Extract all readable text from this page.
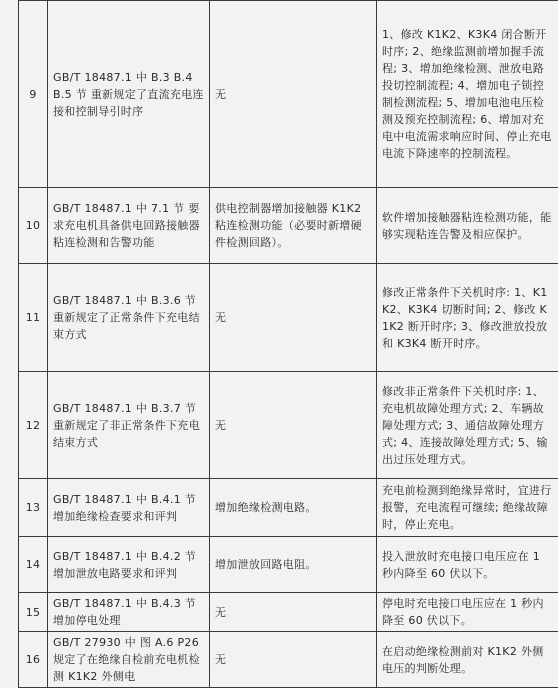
9	GB/T 18487.1 中 B.3 B.4 B.5 节 重新规定了直流充电连接和控制导引时序	无	1、修改 K1K2、K3K4 闭合断开时序; 2、绝缘监测前增加握手流程; 3、增加绝缘检测、泄放电路投切控制流程; 4、增加电子锁控制检测流程; 5、增加电池电压检测及预充控制流程; 6、增加对充电中电流需求响应时间、停止充电电流下降速率的控制流程。
10	GB/T 18487.1 中 7.1 节 要求充电机具备供电回路接触器粘连检测和告警功能	供电控制器增加接触器 K1K2 粘连检测功能（必要时新增硬件检测回路）。	软件增加接触器粘连检测功能，能够实现粘连告警及相应保护。
11	GB/T 18487.1 中 B.3.6 节 重新规定了正常条件下充电结束方式	无	修改正常条件下关机时序: 1、K1K2、K3K4 切断时间; 2、修改 K1K2 断开时序; 3、修改泄放投放和 K3K4 断开时序。
12	GB/T 18487.1 中 B.3.7 节 重新规定了非正常条件下充电结束方式	无	修改非正常条件下关机时序: 1、充电机故障处理方式; 2、车辆故障处理方式; 3、通信故障处理方式; 4、连接故障处理方式; 5、输出过压处理方式。
13	GB/T 18487.1 中 B.4.1 节 增加绝缘检查要求和评判	增加绝缘检测电路。	充电前检测到绝缘异常时，宜进行报警，充电流程可继续; 绝缘故障时，停止充电。
14	GB/T 18487.1 中 B.4.2 节 增加泄放电路要求和评判	增加泄放回路电阻。	投入泄放时充电接口电压应在 1 秒内降至 60 伏以下。
15	GB/T 18487.1 中 B.4.3 节 增加停电处理	无	停电时充电接口电压应在 1 秒内降至 60 伏以下。
16	GB/T 27930 中 图 A.6 P26 规定了在绝缘自检前充电机检测 K1K2 外侧电	无	在启动绝缘检测前对 K1K2 外侧电压的判断处理。
